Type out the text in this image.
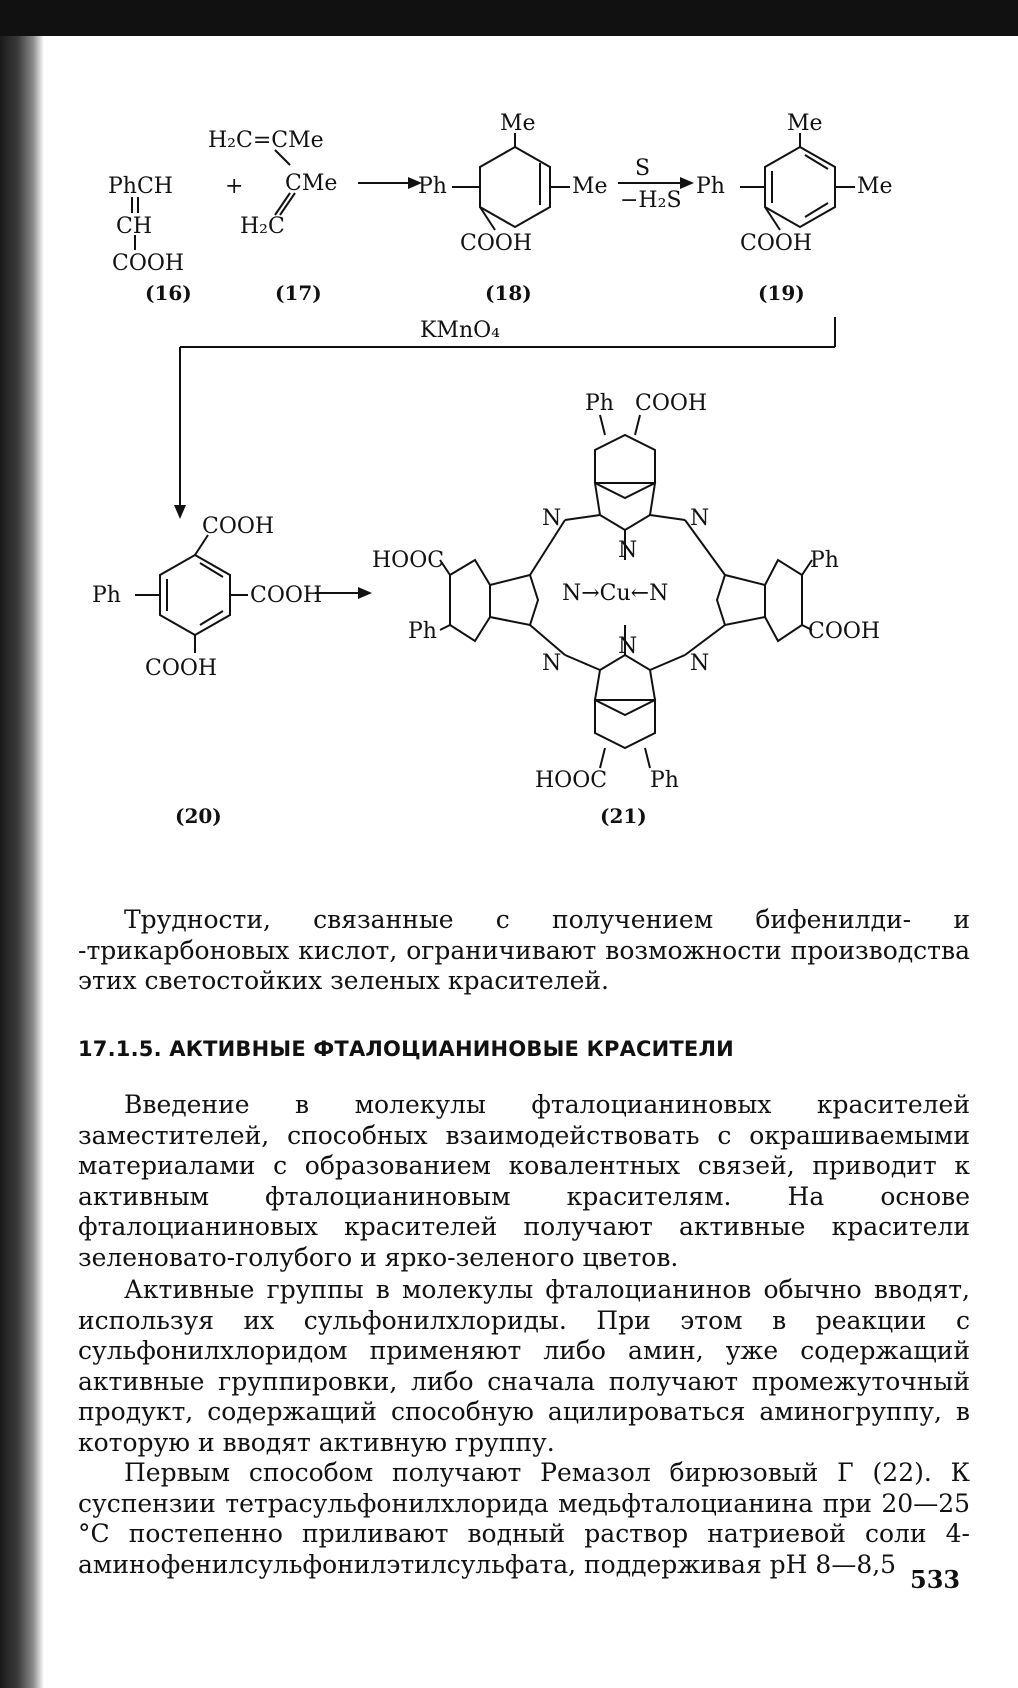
PhCH
CH
COOH
(16)
+
H₂C=CMe
CMe
H₂C
(17)
Me
Me
Ph
COOH
(18)
S
−H₂S
Me
Me
Ph
COOH
(19)
KMnO₄
COOH
COOH
COOH
Ph
(20)
Ph COOH
HOOC
Ph
Ph
COOH
HOOC Ph
N→Cu←N
N
N
N	N
N	N
(21)

Трудности, связанные с получением бифенилди- и -трикарбоновых кислот, ограничивают возможности производства этих светостойких зеленых красителей.

17.1.5. АКТИВНЫЕ ФТАЛОЦИАНИНОВЫЕ КРАСИТЕЛИ

Введение в молекулы фталоцианиновых красителей заместителей, способных взаимодействовать с окрашиваемыми материалами с образованием ковалентных связей, приводит к активным фталоцианиновым красителям. На основе фталоцианиновых красителей получают активные красители зеленовато-голубого и ярко-зеленого цветов.

Активные группы в молекулы фталоцианинов обычно вводят, используя их сульфонилхлориды. При этом в реакции с сульфонилхлоридом применяют либо амин, уже содержащий активные группировки, либо сначала получают промежуточный продукт, содержащий способную ацилироваться аминогруппу, в которую и вводят активную группу.

Первым способом получают Ремазол бирюзовый Г (22). К суспензии тетрасульфонилхлорида медьфталоцианина при 20—25 °C постепенно приливают водный раствор натриевой соли 4-аминофенилсульфонилэтилсульфата, поддерживая pH 8—8,5

533
